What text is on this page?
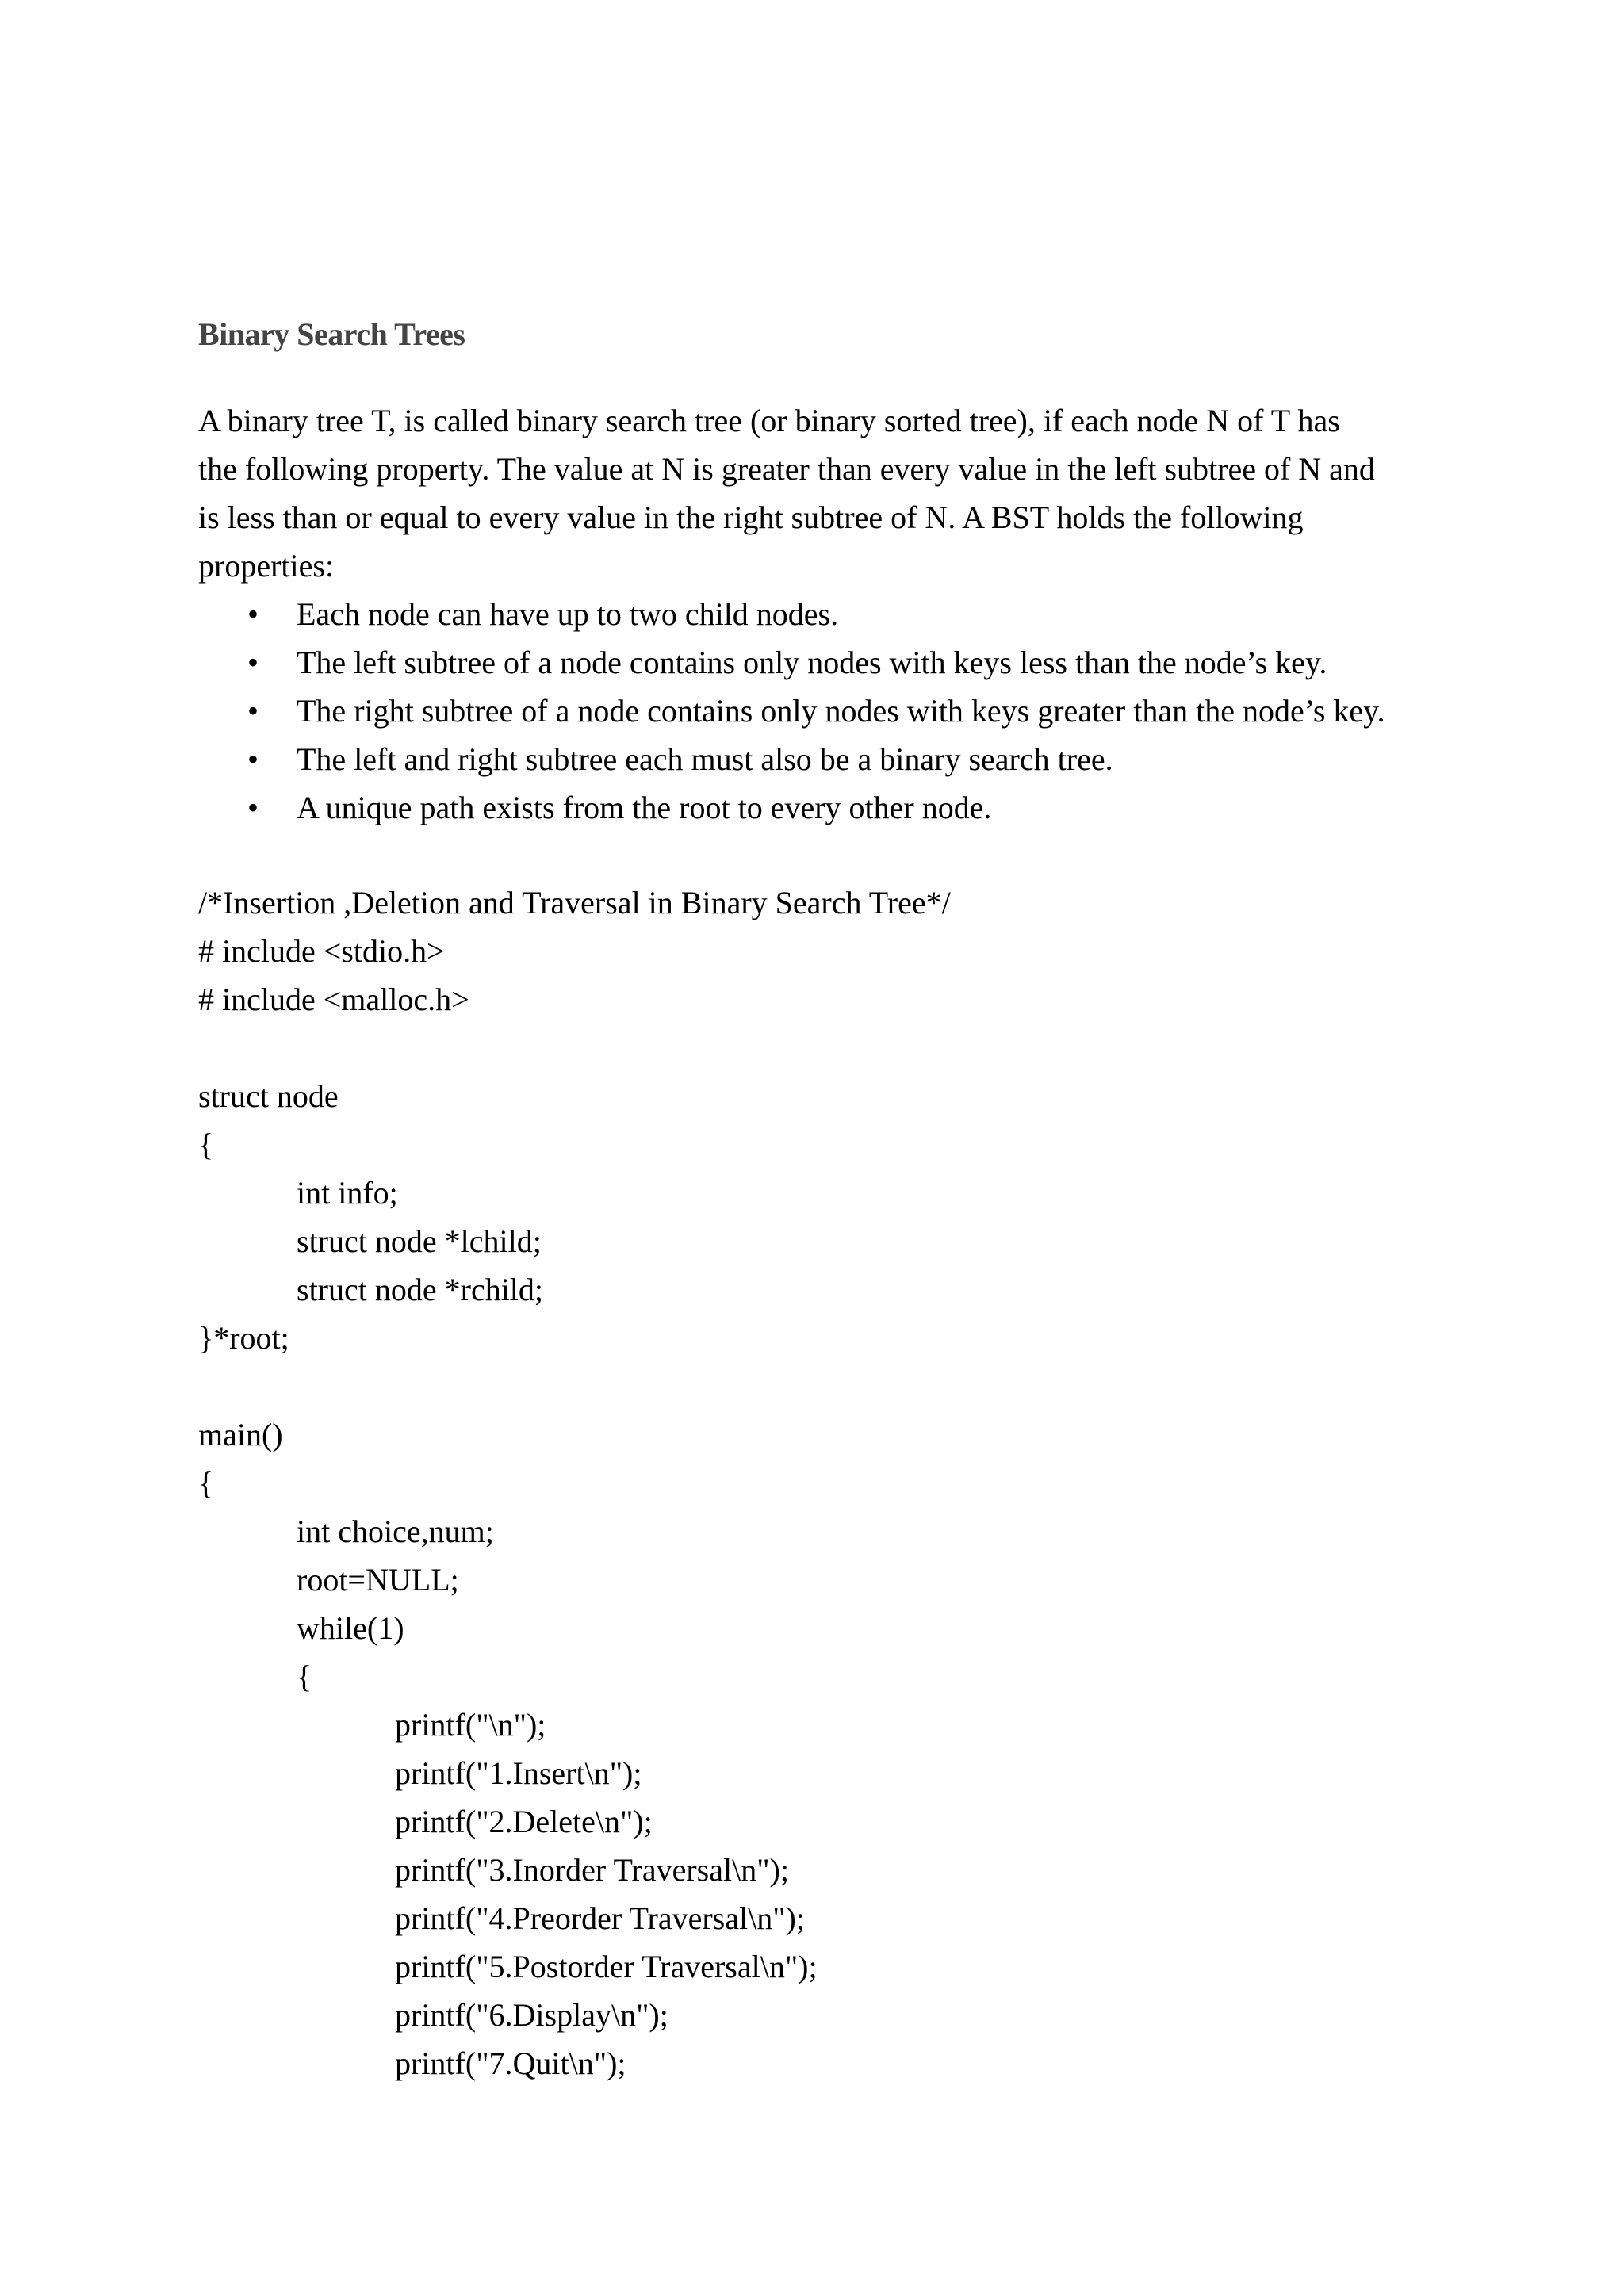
Binary Search Trees
A binary tree T, is called binary search tree (or binary sorted tree), if each node N of T has
the following property. The value at N is greater than every value in the left subtree of N and
is less than or equal to every value in the right subtree of N. A BST holds the following
properties:
• Each node can have up to two child nodes.
• The left subtree of a node contains only nodes with keys less than the node’s key.
• The right subtree of a node contains only nodes with keys greater than the node’s key.
• The left and right subtree each must also be a binary search tree.
• A unique path exists from the root to every other node.
/*Insertion ,Deletion and Traversal in Binary Search Tree*/
# include <stdio.h>
# include <malloc.h>
struct node
{
int info;
struct node *lchild;
struct node *rchild;
}*root;
main()
{
int choice,num;
root=NULL;
while(1)
{
printf("\n");
printf("1.Insert\n");
printf("2.Delete\n");
printf("3.Inorder Traversal\n");
printf("4.Preorder Traversal\n");
printf("5.Postorder Traversal\n");
printf("6.Display\n");
printf("7.Quit\n");
